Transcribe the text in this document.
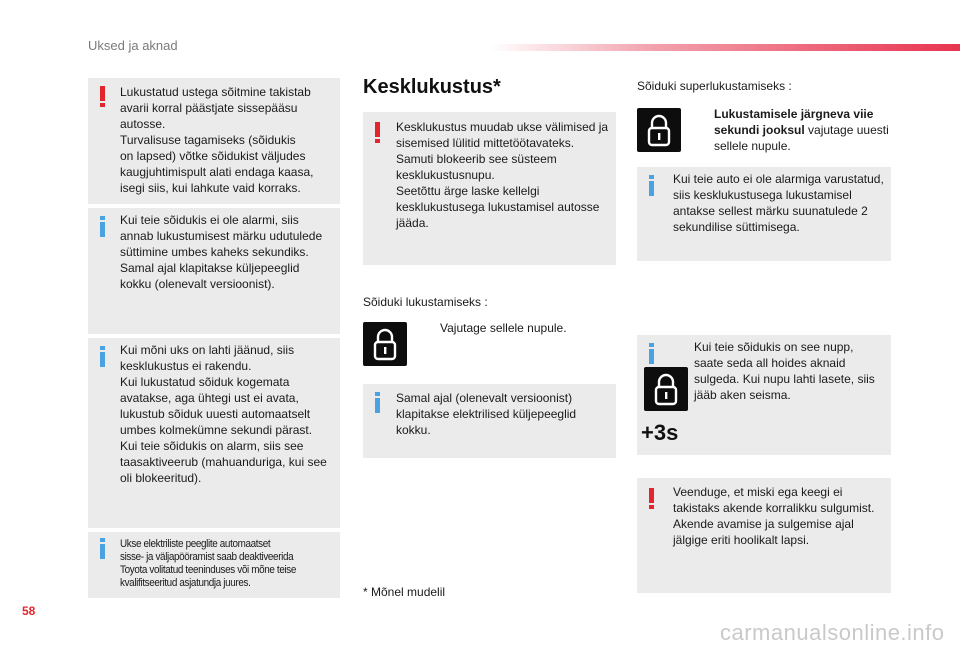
Uksed ja aknad
Lukustatud ustega sõitmine takistab
avarii korral päästjate sissepääsu
autosse.
Turvalisuse tagamiseks (sõidukis
on lapsed) võtke sõidukist väljudes
kaugjuhtimispult alati endaga kaasa,
isegi siis, kui lahkute vaid korraks.
Kui teie sõidukis ei ole alarmi, siis
annab lukustumisest märku udutulede
süttimine umbes kaheks sekundiks.
Samal ajal klapitakse küljepeeglid
kokku (olenevalt versioonist).
Kui mõni uks on lahti jäänud, siis
kesklukustus ei rakendu.
Kui lukustatud sõiduk kogemata
avatakse, aga ühtegi ust ei avata,
lukustub sõiduk uuesti automaatselt
umbes kolmekümne sekundi pärast.
Kui teie sõidukis on alarm, siis see
taasaktiveerub (mahuanduriga, kui see
oli blokeeritud).
Ukse elektriliste peeglite automaatset
sisse- ja väljapööramist saab deaktiveerida
Toyota volitatud teeninduses või mõne teise
kvalifitseeritud asjatundja juures.
Kesklukustus*
Kesklukustus muudab ukse välimised ja
sisemised lülitid mittetöötavateks.
Samuti blokeerib see süsteem
kesklukustusnupu.
Seetõttu ärge laske kellelgi
kesklukustusega lukustamisel autosse
jääda.
Sõiduki lukustamiseks :
Vajutage sellele nupule.
Samal ajal (olenevalt versioonist)
klapitakse elektrilised küljepeeglid
kokku.
* Mõnel mudelil
Sõiduki superlukustamiseks :
Lukustamisele järgneva viie
sekundi jooksul vajutage uuesti
sellele nupule.
Kui teie auto ei ole alarmiga varustatud,
siis kesklukustusega lukustamisel
antakse sellest märku suunatulede 2
sekundilise süttimisega.
Kui teie sõidukis on see nupp,
saate seda all hoides aknaid
sulgeda. Kui nupu lahti lasete, siis
jääb aken seisma.
+3s
Veenduge, et miski ega keegi ei
takistaks akende korralikku sulgumist.
Akende avamise ja sulgemise ajal
jälgige eriti hoolikalt lapsi.
58
carmanualsonline.info
